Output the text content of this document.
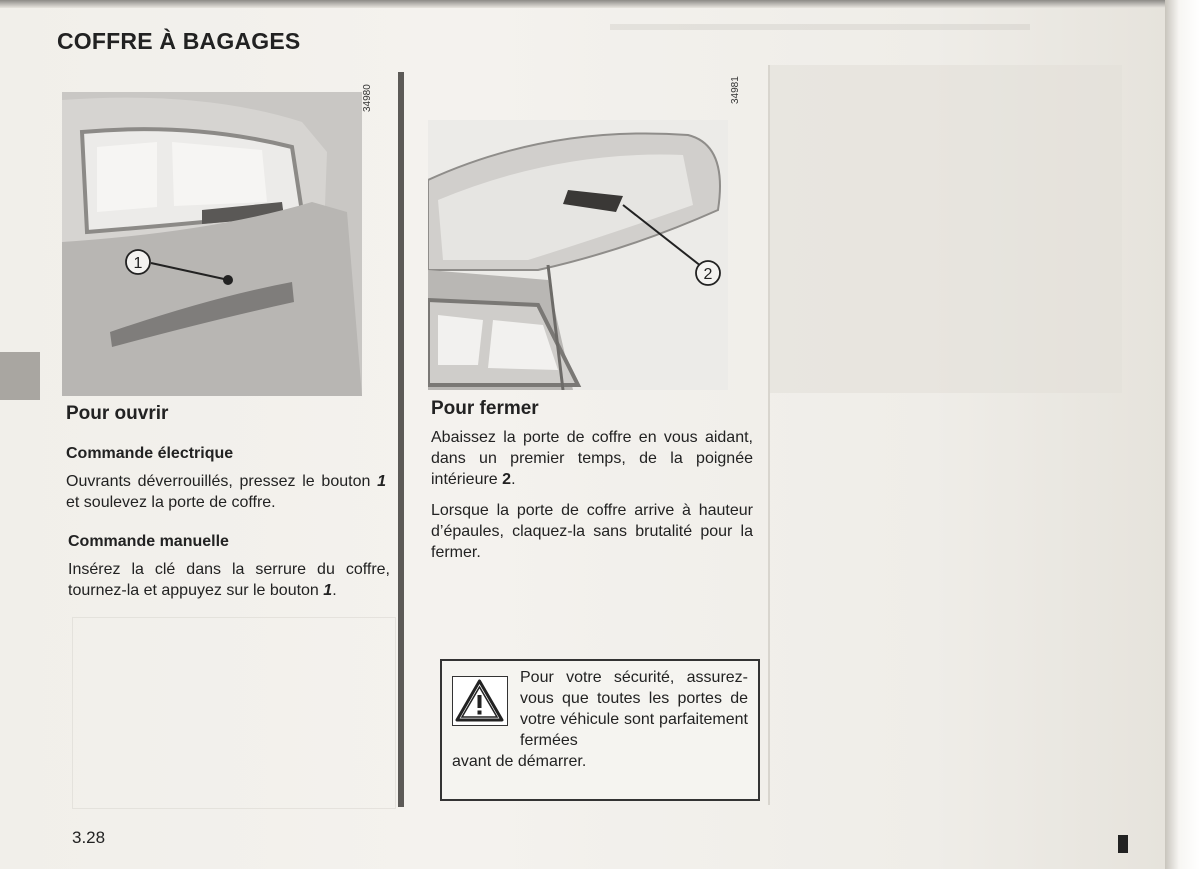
▬▬▬▬▬▬▬▬▬▬▬▬▬▬▬▬▬▬▬▬▬
COFFRE À BAGAGES
1
34980
2
34981
Pour ouvrir
Commande électrique

Ouvrants déverrouillés, pressez le bouton 1 et soulevez la porte de coffre.

Commande manuelle

Insérez la clé dans la serrure du coffre, tournez-la et appuyez sur le bouton 1.

Pour fermer

Abaissez la porte de coffre en vous aidant, dans un premier temps, de la poignée intérieure 2.

Lorsque la porte de coffre arrive à hauteur d’épaules, claquez-la sans brutalité pour la fermer.

Pour votre sécurité, assurez-vous que toutes les portes de votre véhicule sont parfaitement fermées
avant de démarrer.
3.28
